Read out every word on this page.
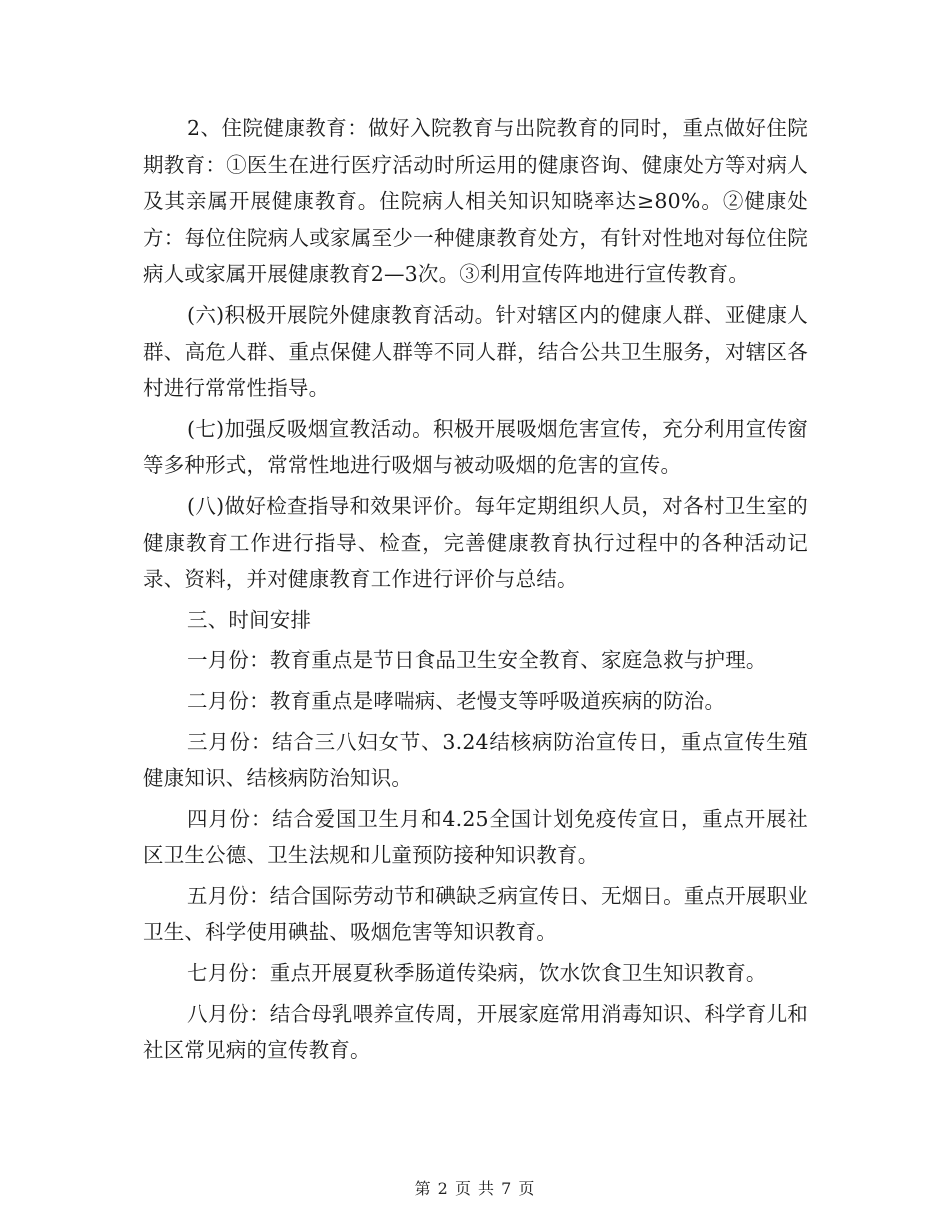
2、住院健康教育：做好入院教育与出院教育的同时，重点做好住院期教育：①医生在进行医疗活动时所运用的健康咨询、健康处方等对病人及其亲属开展健康教育。住院病人相关知识知晓率达≥80%。②健康处方：每位住院病人或家属至少一种健康教育处方，有针对性地对每位住院病人或家属开展健康教育2—3次。③利用宣传阵地进行宣传教育。

(六)积极开展院外健康教育活动。针对辖区内的健康人群、亚健康人群、高危人群、重点保健人群等不同人群，结合公共卫生服务，对辖区各村进行常常性指导。

(七)加强反吸烟宣教活动。积极开展吸烟危害宣传，充分利用宣传窗等多种形式，常常性地进行吸烟与被动吸烟的危害的宣传。

(八)做好检查指导和效果评价。每年定期组织人员，对各村卫生室的健康教育工作进行指导、检查，完善健康教育执行过程中的各种活动记录、资料，并对健康教育工作进行评价与总结。

三、时间安排

一月份：教育重点是节日食品卫生安全教育、家庭急救与护理。

二月份：教育重点是哮喘病、老慢支等呼吸道疾病的防治。

三月份：结合三八妇女节、3.24结核病防治宣传日，重点宣传生殖健康知识、结核病防治知识。

四月份：结合爱国卫生月和4.25全国计划免疫传宣日，重点开展社区卫生公德、卫生法规和儿童预防接种知识教育。

五月份：结合国际劳动节和碘缺乏病宣传日、无烟日。重点开展职业卫生、科学使用碘盐、吸烟危害等知识教育。

七月份：重点开展夏秋季肠道传染病，饮水饮食卫生知识教育。

八月份：结合母乳喂养宣传周，开展家庭常用消毒知识、科学育儿和社区常见病的宣传教育。

第 2 页 共 7 页
